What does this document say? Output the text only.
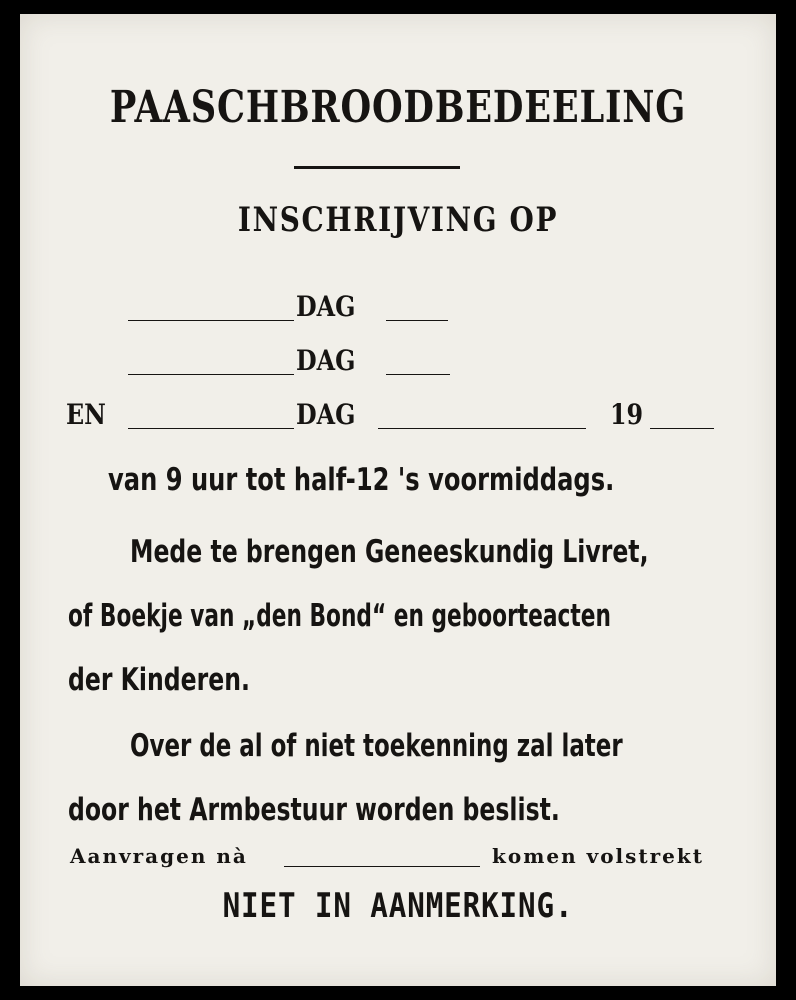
PAASCHBROODBEDEELING
INSCHRIJVING OP
DAG
DAG
EN	DAG	19
van 9 uur tot half-12 's voormiddags.
Mede te brengen Geneeskundig Livret,
of Boekje van „den Bond“ en geboorteacten
der Kinderen.
Over de al of niet toekenning zal later
door het Armbestuur worden beslist.
Aanvragen nà	komen volstrekt
NIET IN AANMERKING.
